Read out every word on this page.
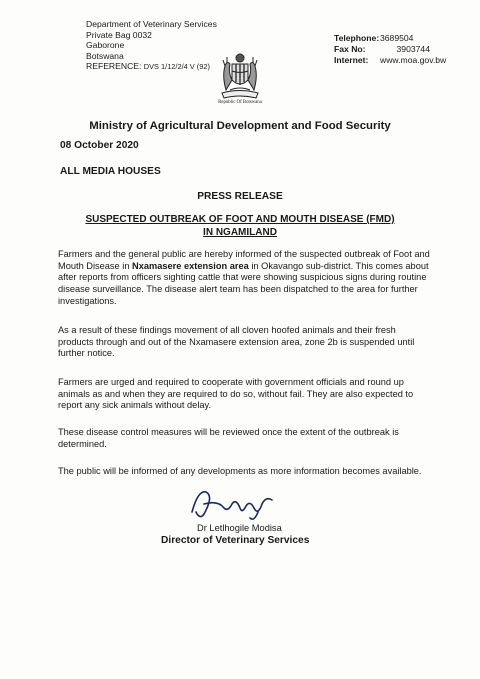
Department of Veterinary Services
Private Bag 0032
Gaborone
Botswana
REFERENCE: DVS 1/12/2/4 V (92)
Telephone: 3689504
Fax No:	3903744
Internet:	www.moa.gov.bw
Republic Of Botswana
Ministry of Agricultural Development and Food Security
08 October 2020
ALL MEDIA HOUSES
PRESS RELEASE
SUSPECTED OUTBREAK OF FOOT AND MOUTH DISEASE (FMD)
IN NGAMILAND
Farmers and the general public are hereby informed of the suspected outbreak of Foot and Mouth Disease in Nxamasere extension area in Okavango sub-district. This comes about after reports from officers sighting cattle that were showing suspicious signs during routine disease surveillance. The disease alert team has been dispatched to the area for further investigations.
As a result of these findings movement of all cloven hoofed animals and their fresh products through and out of the Nxamasere extension area, zone 2b is suspended until further notice.
Farmers are urged and required to cooperate with government officials and round up animals as and when they are required to do so, without fail. They are also expected to report any sick animals without delay.
These disease control measures will be reviewed once the extent of the outbreak is determined.
The public will be informed of any developments as more information becomes available.
Dr Letlhogile Modisa
Director of Veterinary Services
